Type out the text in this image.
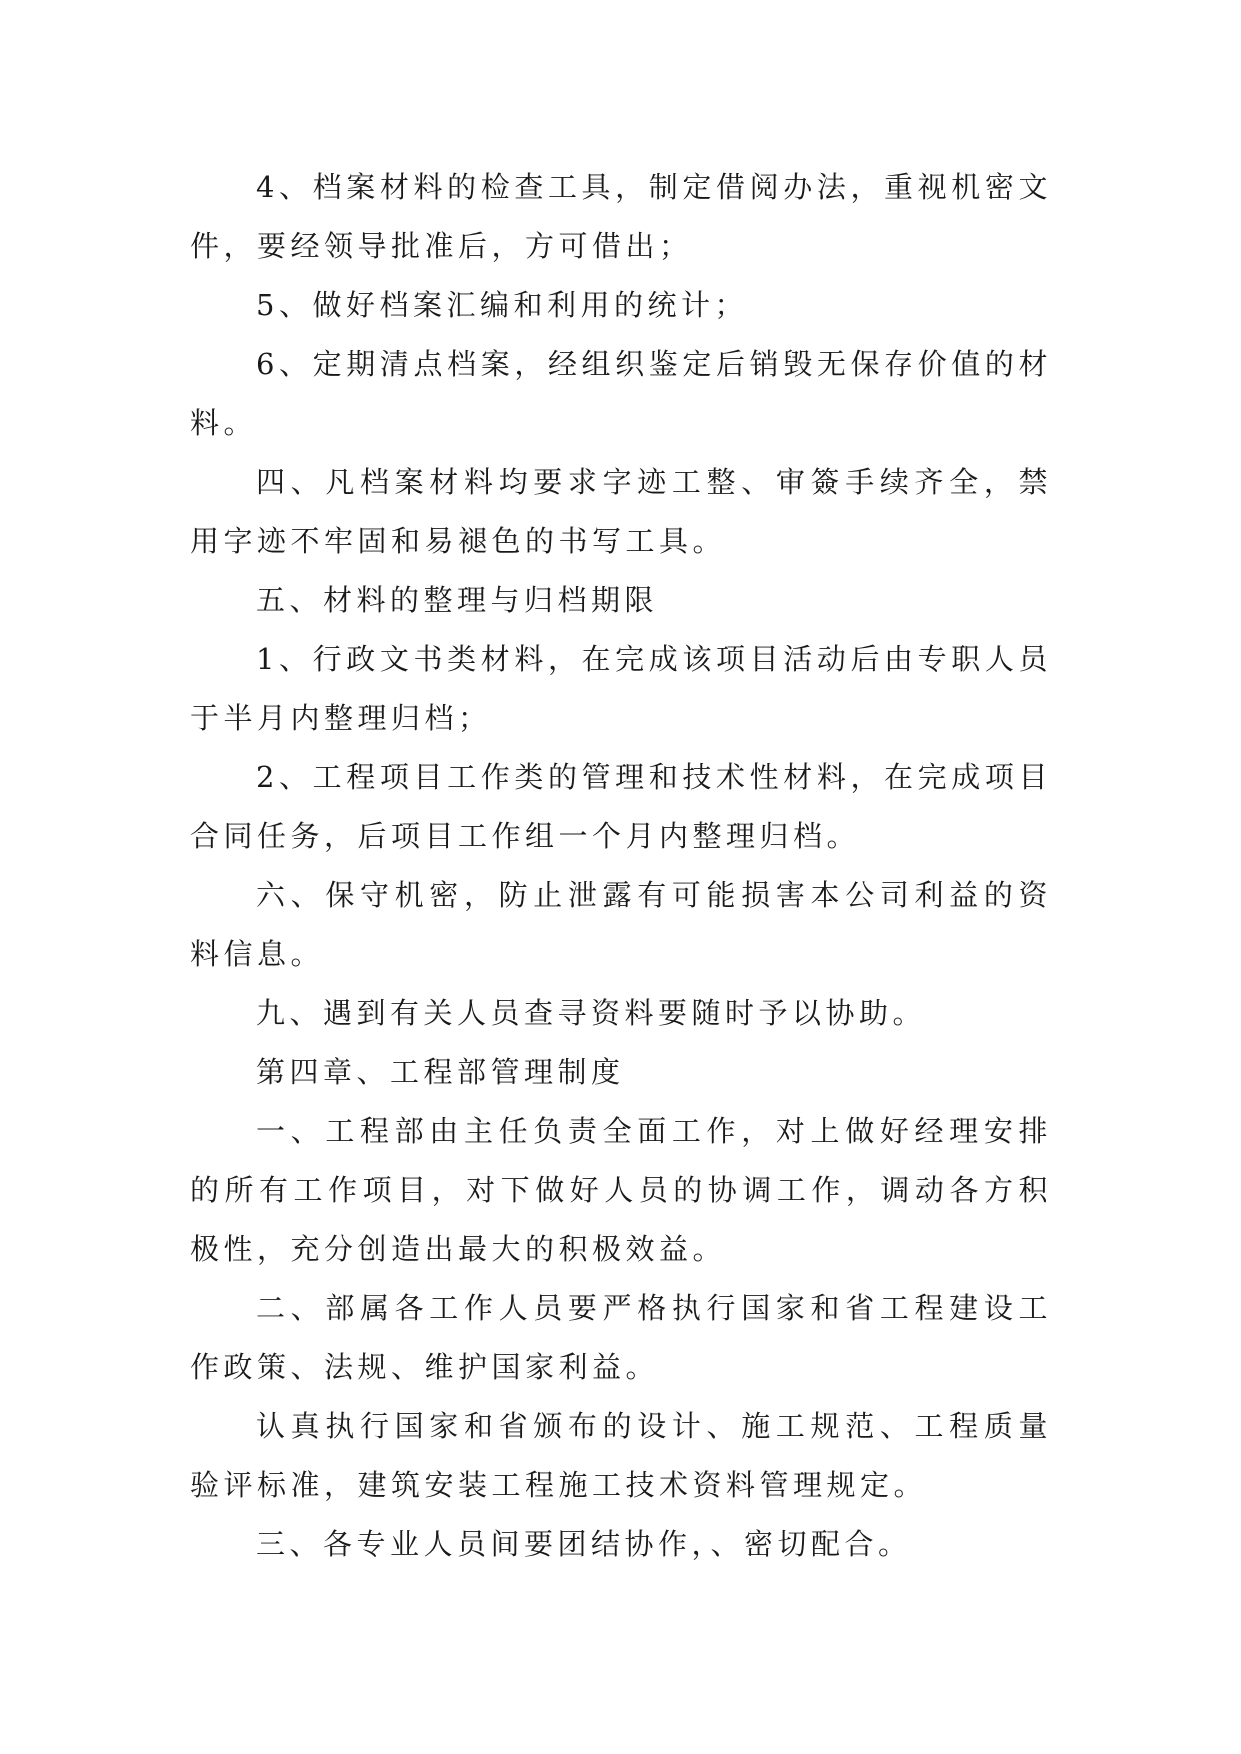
4、档案材料的检查工具，制定借阅办法，重视机密文件，要经领导批准后，方可借出；

5、做好档案汇编和利用的统计；

6、定期清点档案，经组织鉴定后销毁无保存价值的材料。

四、凡档案材料均要求字迹工整、审簽手续齐全，禁用字迹不牢固和易褪色的书写工具。

五、材料的整理与归档期限

1、行政文书类材料，在完成该项目活动后由专职人员于半月内整理归档；

2、工程项目工作类的管理和技术性材料，在完成项目合同任务，后项目工作组一个月内整理归档。

六、保守机密，防止泄露有可能损害本公司利益的资料信息。

九、遇到有关人员查寻资料要随时予以协助。

第四章、工程部管理制度

一、工程部由主任负责全面工作，对上做好经理安排的所有工作项目，对下做好人员的协调工作，调动各方积极性，充分创造出最大的积极效益。

二、部属各工作人员要严格执行国家和省工程建设工作政策、法规、维护国家利益。

认真执行国家和省颁布的设计、施工规范、工程质量验评标准，建筑安装工程施工技术资料管理规定。

三、各专业人员间要团结协作，、密切配合。
